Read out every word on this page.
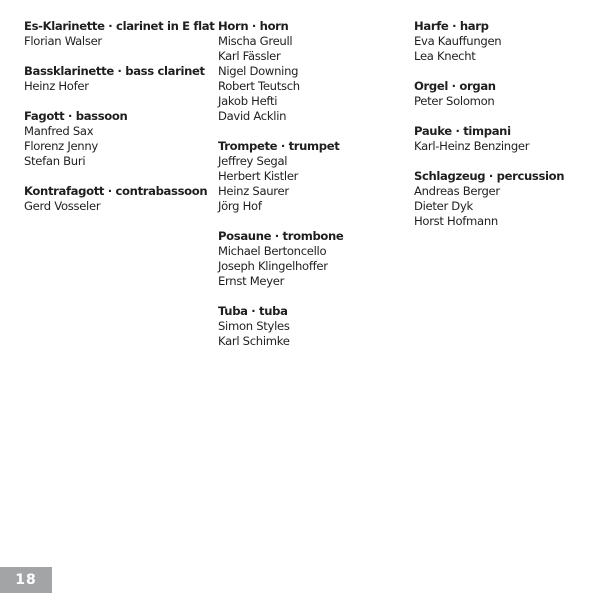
Es-Klarinette · clarinet in E flat
Florian Walser
Bassklarinette · bass clarinet
Heinz Hofer
Fagott · bassoon
Manfred Sax
Florenz Jenny
Stefan Buri
Kontrafagott · contrabassoon
Gerd Vosseler
Horn · horn
Mischa Greull
Karl Fässler
Nigel Downing
Robert Teutsch
Jakob Hefti
David Acklin
Trompete · trumpet
Jeffrey Segal
Herbert Kistler
Heinz Saurer
Jörg Hof
Posaune · trombone
Michael Bertoncello
Joseph Klingelhoffer
Ernst Meyer
Tuba · tuba
Simon Styles
Karl Schimke
Harfe · harp
Eva Kauffungen
Lea Knecht
Orgel · organ
Peter Solomon
Pauke · timpani
Karl-Heinz Benzinger
Schlagzeug · percussion
Andreas Berger
Dieter Dyk
Horst Hofmann
18
